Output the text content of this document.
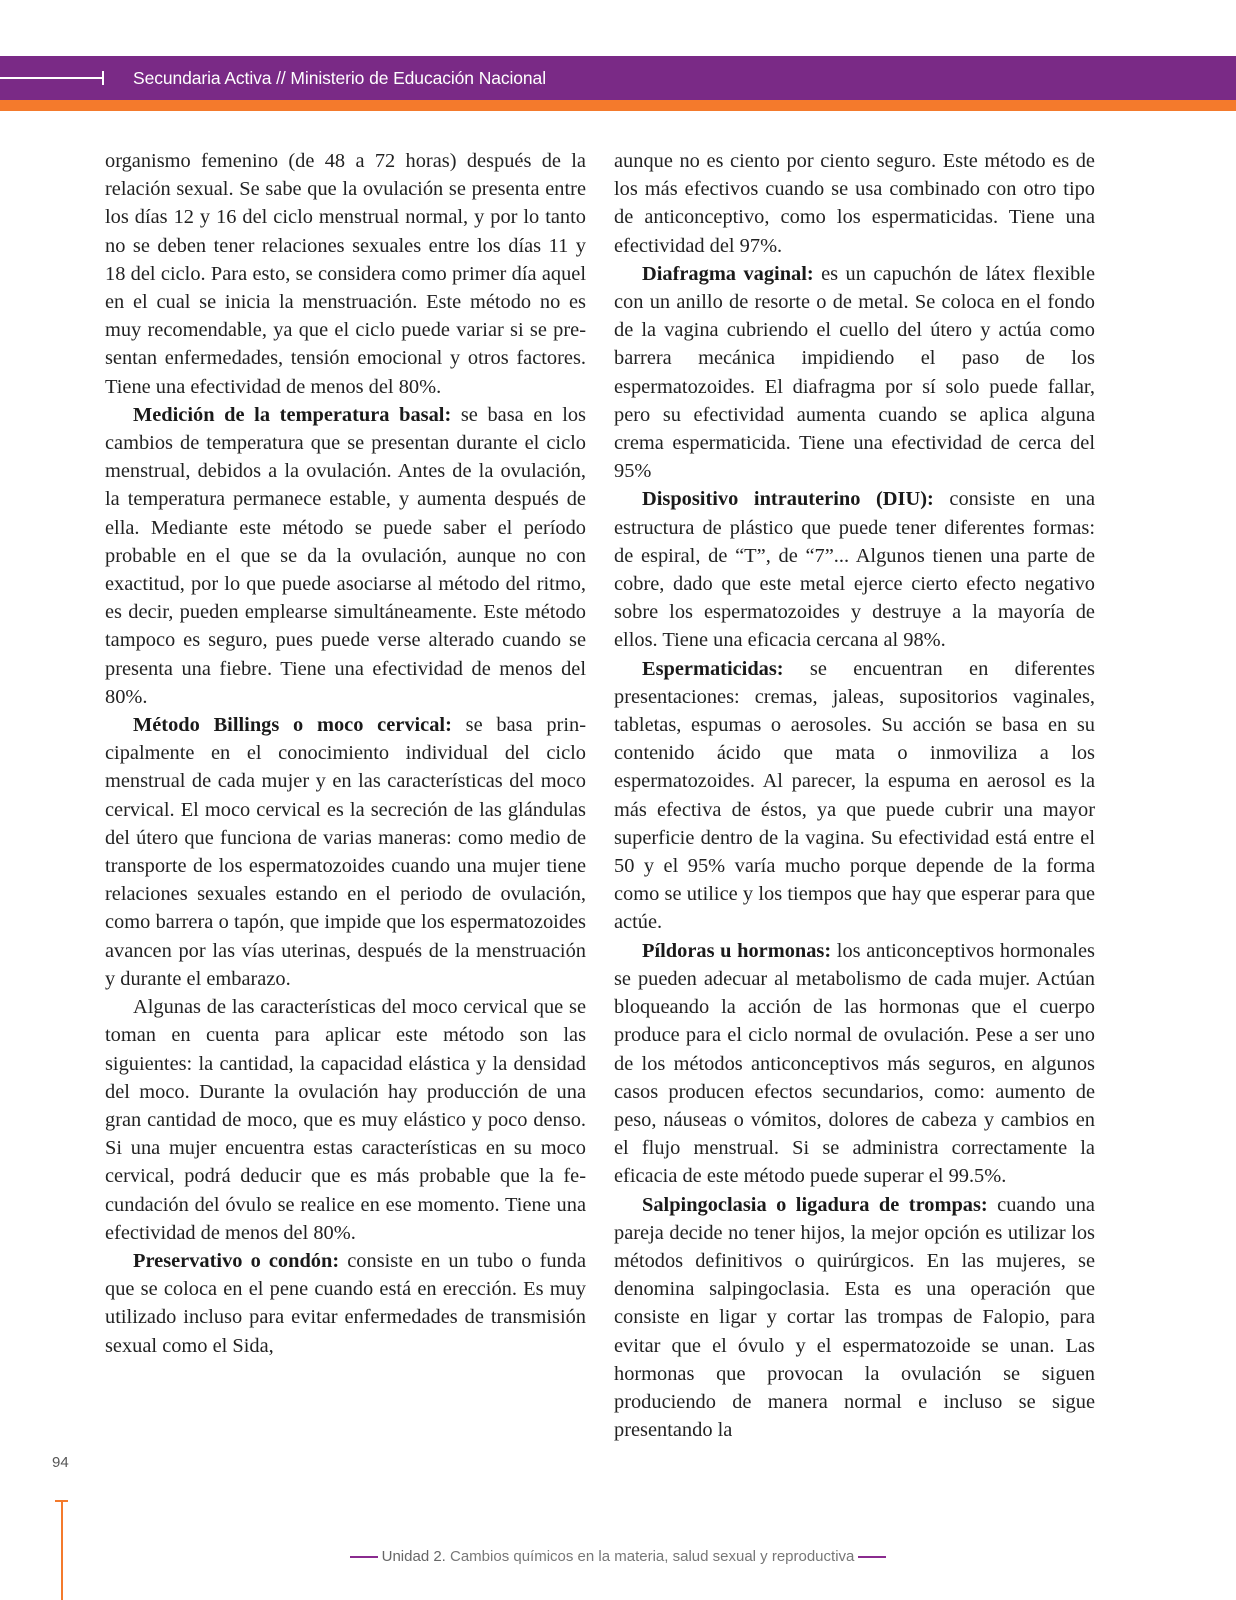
Secundaria Activa // Ministerio de Educación Nacional

organismo femenino (de 48 a 72 horas) después de la relación sexual. Se sabe que la ovulación se presenta entre los días 12 y 16 del ciclo menstrual normal, y por lo tanto no se deben tener relaciones sexuales entre los días 11 y 18 del ciclo. Para esto, se considera como primer día aquel en el cual se inicia la menstruación. Este método no es muy recomendable, ya que el ciclo puede variar si se presentan enfermedades, tensión emocional y otros factores. Tiene una efectividad de menos del 80%.

Medición de la temperatura basal: se basa en los cambios de temperatura que se presentan durante el ciclo menstrual, debidos a la ovulación. Antes de la ovulación, la temperatura permanece estable, y aumenta después de ella. Mediante este método se puede saber el período probable en el que se da la ovulación, aunque no con exactitud, por lo que puede asociarse al método del ritmo, es decir, pueden emplearse simultáneamente. Este método tampoco es seguro, pues puede verse alterado cuando se presenta una fiebre. Tiene una efectividad de menos del 80%.

Método Billings o moco cervical: se basa principalmente en el conocimiento individual del ciclo menstrual de cada mujer y en las características del moco cervical. El moco cervical es la secreción de las glándulas del útero que funciona de varias maneras: como medio de transporte de los espermatozoides cuando una mujer tiene relaciones sexuales estando en el periodo de ovulación, como barrera o tapón, que impide que los espermatozoides avancen por las vías uterinas, después de la menstruación y durante el embarazo.

Algunas de las características del moco cervical que se toman en cuenta para aplicar este método son las siguientes: la cantidad, la capacidad elástica y la densidad del moco. Durante la ovulación hay producción de una gran cantidad de moco, que es muy elástico y poco denso. Si una mujer encuentra estas características en su moco cervical, podrá deducir que es más probable que la fecundación del óvulo se realice en ese momento. Tiene una efectividad de menos del 80%.

Preservativo o condón: consiste en un tubo o funda que se coloca en el pene cuando está en erección. Es muy utilizado incluso para evitar enfermedades de transmisión sexual como el Sida,

aunque no es ciento por ciento seguro. Este método es de los más efectivos cuando se usa combinado con otro tipo de anticonceptivo, como los espermaticidas. Tiene una efectividad del 97%.

Diafragma vaginal: es un capuchón de látex flexible con un anillo de resorte o de metal. Se coloca en el fondo de la vagina cubriendo el cuello del útero y actúa como barrera mecánica impidiendo el paso de los espermatozoides. El diafragma por sí solo puede fallar, pero su efectividad aumenta cuando se aplica alguna crema espermaticida. Tiene una efectividad de cerca del 95%

Dispositivo intrauterino (DIU): consiste en una estructura de plástico que puede tener diferentes formas: de espiral, de “T”, de “7”... Algunos tienen una parte de cobre, dado que este metal ejerce cierto efecto negativo sobre los espermatozoides y destruye a la mayoría de ellos. Tiene una eficacia cercana al 98%.

Espermaticidas: se encuentran en diferentes presentaciones: cremas, jaleas, supositorios vaginales, tabletas, espumas o aerosoles. Su acción se basa en su contenido ácido que mata o inmoviliza a los espermatozoides. Al parecer, la espuma en aerosol es la más efectiva de éstos, ya que puede cubrir una mayor superficie dentro de la vagina. Su efectividad está entre el 50 y el 95% varía mucho porque depende de la forma como se utilice y los tiempos que hay que esperar para que actúe.

Píldoras u hormonas: los anticonceptivos hormonales se pueden adecuar al metabolismo de cada mujer. Actúan bloqueando la acción de las hormonas que el cuerpo produce para el ciclo normal de ovulación. Pese a ser uno de los métodos anticonceptivos más seguros, en algunos casos producen efectos secundarios, como: aumento de peso, náuseas o vómitos, dolores de cabeza y cambios en el flujo menstrual. Si se administra correctamente la eficacia de este método puede superar el 99.5%.

Salpingoclasia o ligadura de trompas: cuando una pareja decide no tener hijos, la mejor opción es utilizar los métodos definitivos o quirúrgicos. En las mujeres, se denomina salpingoclasia. Esta es una operación que consiste en ligar y cortar las trompas de Falopio, para evitar que el óvulo y el espermatozoide se unan. Las hormonas que provocan la ovulación se siguen produciendo de manera normal e incluso se sigue presentando la

94
Unidad 2. Cambios químicos en la materia, salud sexual y reproductiva
